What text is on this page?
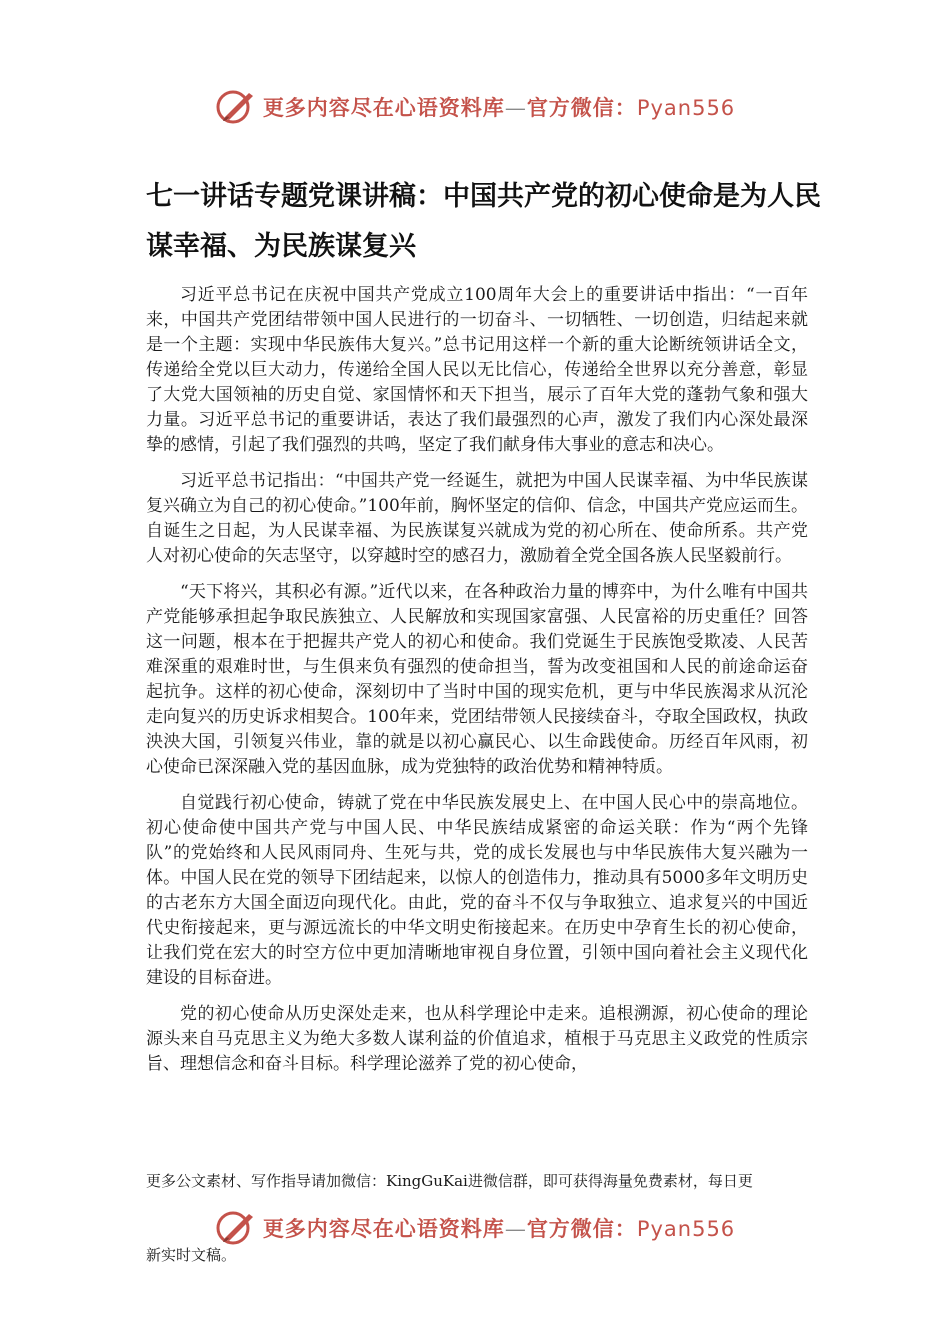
更多内容尽在心语资料库—官方微信：Pyan556
七一讲话专题党课讲稿：中国共产党的初心使命是为人民谋幸福、为民族谋复兴

习近平总书记在庆祝中国共产党成立100周年大会上的重要讲话中指出：“一百年来，中国共产党团结带领中国人民进行的一切奋斗、一切牺牲、一切创造，归结起来就是一个主题：实现中华民族伟大复兴。”总书记用这样一个新的重大论断统领讲话全文，传递给全党以巨大动力，传递给全国人民以无比信心，传递给全世界以充分善意，彰显了大党大国领袖的历史自觉、家国情怀和天下担当，展示了百年大党的蓬勃气象和强大力量。习近平总书记的重要讲话，表达了我们最强烈的心声，激发了我们内心深处最深挚的感情，引起了我们强烈的共鸣，坚定了我们献身伟大事业的意志和决心。

习近平总书记指出：“中国共产党一经诞生，就把为中国人民谋幸福、为中华民族谋复兴确立为自己的初心使命。”100年前，胸怀坚定的信仰、信念，中国共产党应运而生。自诞生之日起，为人民谋幸福、为民族谋复兴就成为党的初心所在、使命所系。共产党人对初心使命的矢志坚守，以穿越时空的感召力，激励着全党全国各族人民坚毅前行。

“天下将兴，其积必有源。”近代以来，在各种政治力量的博弈中，为什么唯有中国共产党能够承担起争取民族独立、人民解放和实现国家富强、人民富裕的历史重任？回答这一问题，根本在于把握共产党人的初心和使命。我们党诞生于民族饱受欺凌、人民苦难深重的艰难时世，与生俱来负有强烈的使命担当，誓为改变祖国和人民的前途命运奋起抗争。这样的初心使命，深刻切中了当时中国的现实危机，更与中华民族渴求从沉沦走向复兴的历史诉求相契合。100年来，党团结带领人民接续奋斗，夺取全国政权，执政泱泱大国，引领复兴伟业，靠的就是以初心赢民心、以生命践使命。历经百年风雨，初心使命已深深融入党的基因血脉，成为党独特的政治优势和精神特质。

自觉践行初心使命，铸就了党在中华民族发展史上、在中国人民心中的崇高地位。初心使命使中国共产党与中国人民、中华民族结成紧密的命运关联：作为“两个先锋队”的党始终和人民风雨同舟、生死与共，党的成长发展也与中华民族伟大复兴融为一体。中国人民在党的领导下团结起来，以惊人的创造伟力，推动具有5000多年文明历史的古老东方大国全面迈向现代化。由此，党的奋斗不仅与争取独立、追求复兴的中国近代史衔接起来，更与源远流长的中华文明史衔接起来。在历史中孕育生长的初心使命，让我们党在宏大的时空方位中更加清晰地审视自身位置，引领中国向着社会主义现代化建设的目标奋进。

党的初心使命从历史深处走来，也从科学理论中走来。追根溯源，初心使命的理论源头来自马克思主义为绝大多数人谋利益的价值追求，植根于马克思主义政党的性质宗旨、理想信念和奋斗目标。科学理论滋养了党的初心使命，

更多公文素材、写作指导请加微信：KingGuKai进微信群，即可获得海量免费素材，每日更

更多内容尽在心语资料库—官方微信：Pyan556

新实时文稿。
